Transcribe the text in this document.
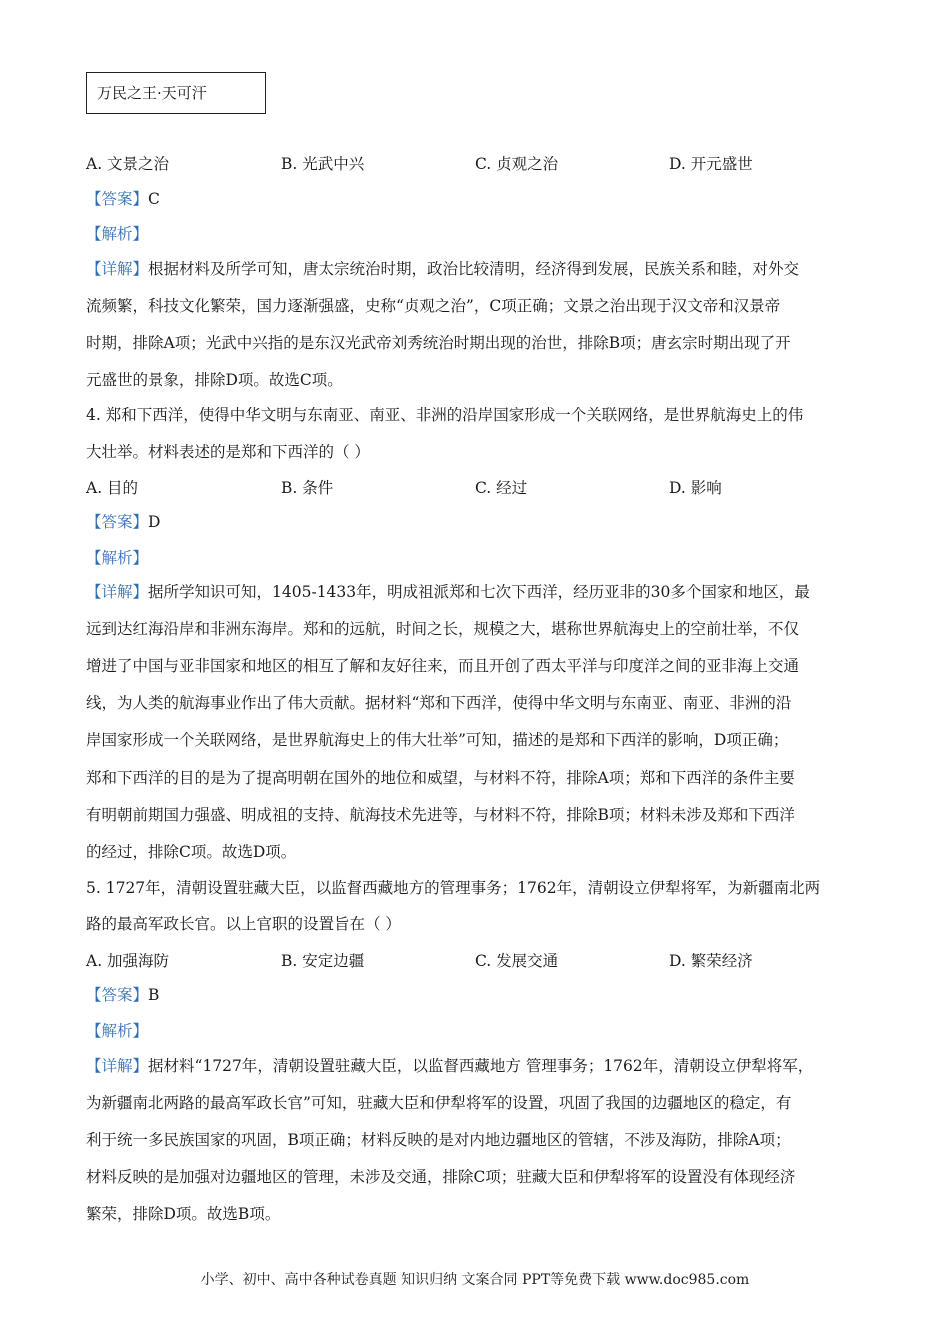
万民之王·天可汗
A. 文景之治	B. 光武中兴	C. 贞观之治	D. 开元盛世
【答案】C
【解析】
【详解】根据材料及所学可知，唐太宗统治时期，政治比较清明，经济得到发展，民族关系和睦，对外交
流频繁，科技文化繁荣，国力逐渐强盛，史称“贞观之治”，C项正确；文景之治出现于汉文帝和汉景帝
时期，排除A项；光武中兴指的是东汉光武帝刘秀统治时期出现的治世，排除B项；唐玄宗时期出现了开
元盛世的景象，排除D项。故选C项。
4. 郑和下西洋，使得中华文明与东南亚、南亚、非洲的沿岸国家形成一个关联网络，是世界航海史上的伟
大壮举。材料表述的是郑和下西洋的（ ）
A. 目的	B. 条件	C. 经过	D. 影响
【答案】D
【解析】
【详解】据所学知识可知，1405-1433年，明成祖派郑和七次下西洋，经历亚非的30多个国家和地区，最
远到达红海沿岸和非洲东海岸。郑和的远航，时间之长，规模之大，堪称世界航海史上的空前壮举，不仅
增进了中国与亚非国家和地区的相互了解和友好往来，而且开创了西太平洋与印度洋之间的亚非海上交通
线，为人类的航海事业作出了伟大贡献。据材料“郑和下西洋，使得中华文明与东南亚、南亚、非洲的沿
岸国家形成一个关联网络，是世界航海史上的伟大壮举”可知，描述的是郑和下西洋的影响，D项正确；
郑和下西洋的目的是为了提高明朝在国外的地位和威望，与材料不符，排除A项；郑和下西洋的条件主要
有明朝前期国力强盛、明成祖的支持、航海技术先进等，与材料不符，排除B项；材料未涉及郑和下西洋
的经过，排除C项。故选D项。
5. 1727年，清朝设置驻藏大臣，以监督西藏地方的管理事务；1762年，清朝设立伊犁将军，为新疆南北两
路的最高军政长官。以上官职的设置旨在（ ）
A. 加强海防	B. 安定边疆	C. 发展交通	D. 繁荣经济
【答案】B
【解析】
【详解】据材料“1727年，清朝设置驻藏大臣，以监督西藏地方 管理事务；1762年，清朝设立伊犁将军，
为新疆南北两路的最高军政长官”可知，驻藏大臣和伊犁将军的设置，巩固了我国的边疆地区的稳定，有
利于统一多民族国家的巩固，B项正确；材料反映的是对内地边疆地区的管辖，不涉及海防，排除A项；
材料反映的是加强对边疆地区的管理，未涉及交通，排除C项；驻藏大臣和伊犁将军的设置没有体现经济
繁荣，排除D项。故选B项。
小学、初中、高中各种试卷真题 知识归纳 文案合同 PPT等免费下载 www.doc985.com
